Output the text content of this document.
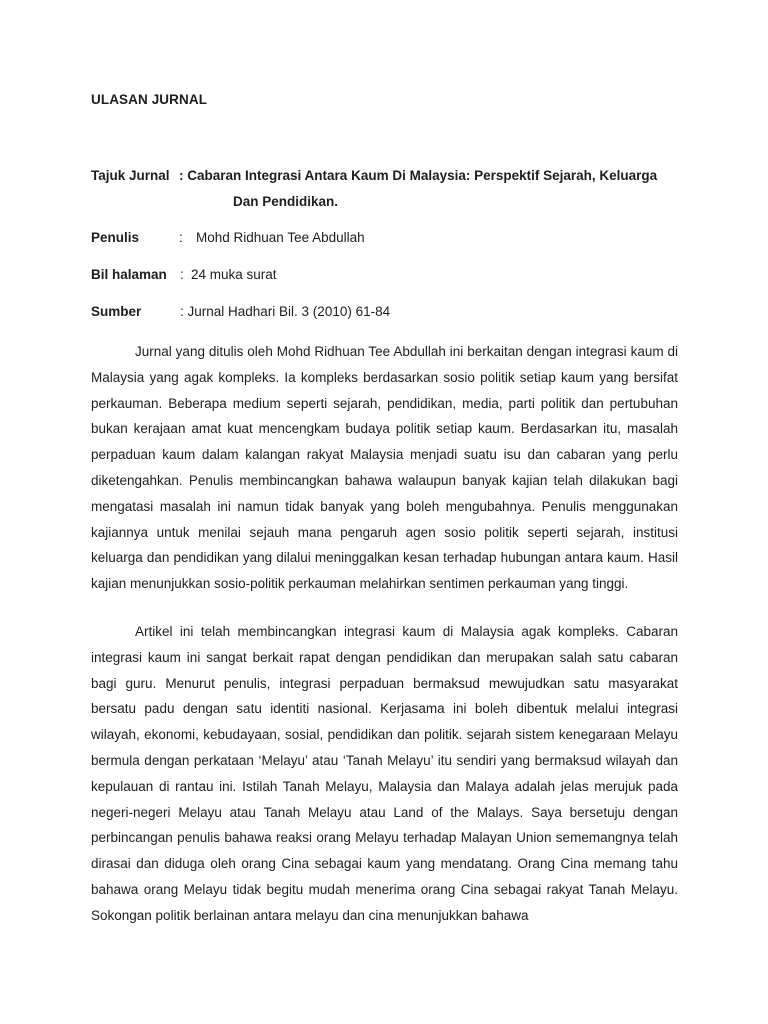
ULASAN JURNAL
Tajuk Jurnal : Cabaran Integrasi Antara Kaum Di Malaysia: Perspektif Sejarah, Keluarga
Dan Pendidikan.
Penulis	: Mohd Ridhuan Tee Abdullah
Bil halaman : 24 muka surat
Sumber	: Jurnal Hadhari Bil. 3 (2010) 61-84

Jurnal yang ditulis oleh Mohd Ridhuan Tee Abdullah ini berkaitan dengan integrasi kaum di Malaysia yang agak kompleks. Ia kompleks berdasarkan sosio politik setiap kaum yang bersifat perkauman. Beberapa medium seperti sejarah, pendidikan, media, parti politik dan pertubuhan bukan kerajaan amat kuat mencengkam budaya politik setiap kaum. Berdasarkan itu, masalah perpaduan kaum dalam kalangan rakyat Malaysia menjadi suatu isu dan cabaran yang perlu diketengahkan. Penulis membincangkan bahawa walaupun banyak kajian telah dilakukan bagi mengatasi masalah ini namun tidak banyak yang boleh mengubahnya. Penulis menggunakan kajiannya untuk menilai sejauh mana pengaruh agen sosio politik seperti sejarah, institusi keluarga dan pendidikan yang dilalui meninggalkan kesan terhadap hubungan antara kaum. Hasil kajian menunjukkan sosio-politik perkauman melahirkan sentimen perkauman yang tinggi.

Artikel ini telah membincangkan integrasi kaum di Malaysia agak kompleks. Cabaran integrasi kaum ini sangat berkait rapat dengan pendidikan dan merupakan salah satu cabaran bagi guru. Menurut penulis, integrasi perpaduan bermaksud mewujudkan satu masyarakat bersatu padu dengan satu identiti nasional. Kerjasama ini boleh dibentuk melalui integrasi wilayah, ekonomi, kebudayaan, sosial, pendidikan dan politik. sejarah sistem kenegaraan Melayu bermula dengan perkataan ‘Melayu’ atau ‘Tanah Melayu’ itu sendiri yang bermaksud wilayah dan kepulauan di rantau ini. Istilah Tanah Melayu, Malaysia dan Malaya adalah jelas merujuk pada negeri-negeri Melayu atau Tanah Melayu atau Land of the Malays. Saya bersetuju dengan perbincangan penulis bahawa reaksi orang Melayu terhadap Malayan Union sememangnya telah dirasai dan diduga oleh orang Cina sebagai kaum yang mendatang. Orang Cina memang tahu bahawa orang Melayu tidak begitu mudah menerima orang Cina sebagai rakyat Tanah Melayu. Sokongan politik berlainan antara melayu dan cina menunjukkan bahawa
